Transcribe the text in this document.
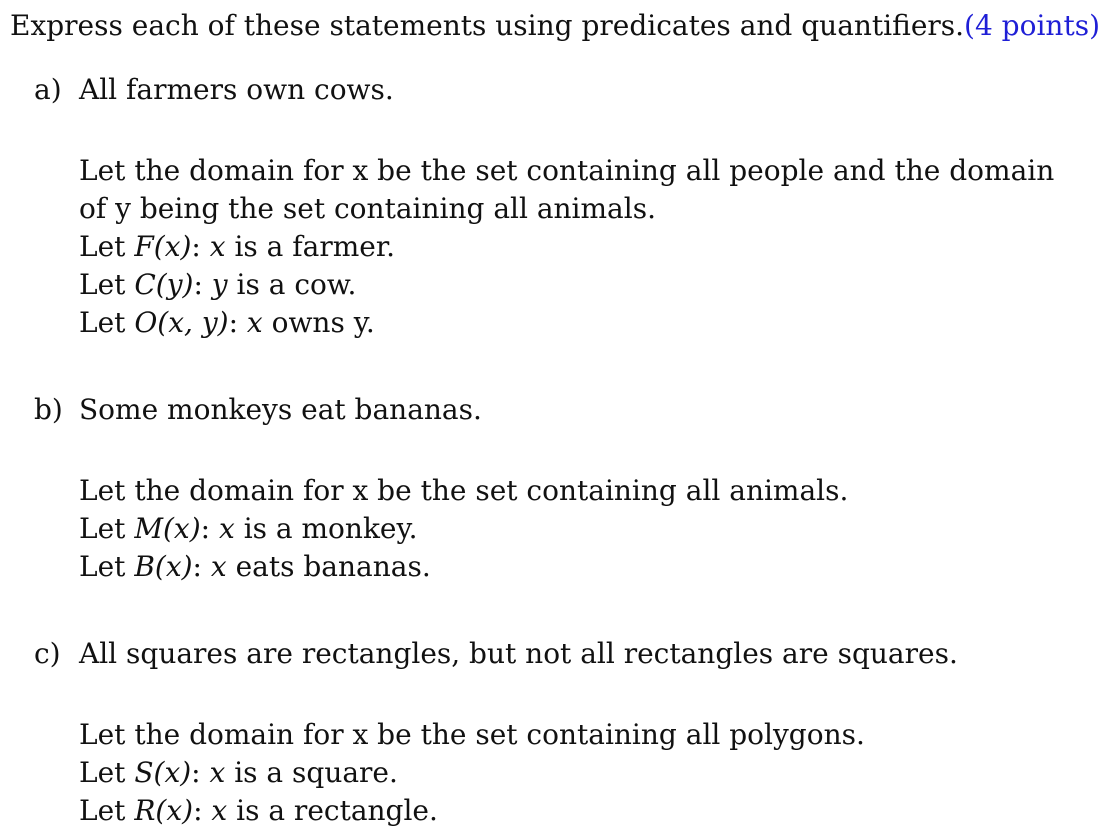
Express each of these statements using predicates and quantifiers.(4 points)
a) All farmers own cows.
Let the domain for x be the set containing all people and the domain
of y being the set containing all animals.
Let F(x): x is a farmer.
Let C(y): y is a cow.
Let O(x, y): x owns y.
b) Some monkeys eat bananas.
Let the domain for x be the set containing all animals.
Let M(x): x is a monkey.
Let B(x): x eats bananas.
c) All squares are rectangles, but not all rectangles are squares.
Let the domain for x be the set containing all polygons.
Let S(x): x is a square.
Let R(x): x is a rectangle.
